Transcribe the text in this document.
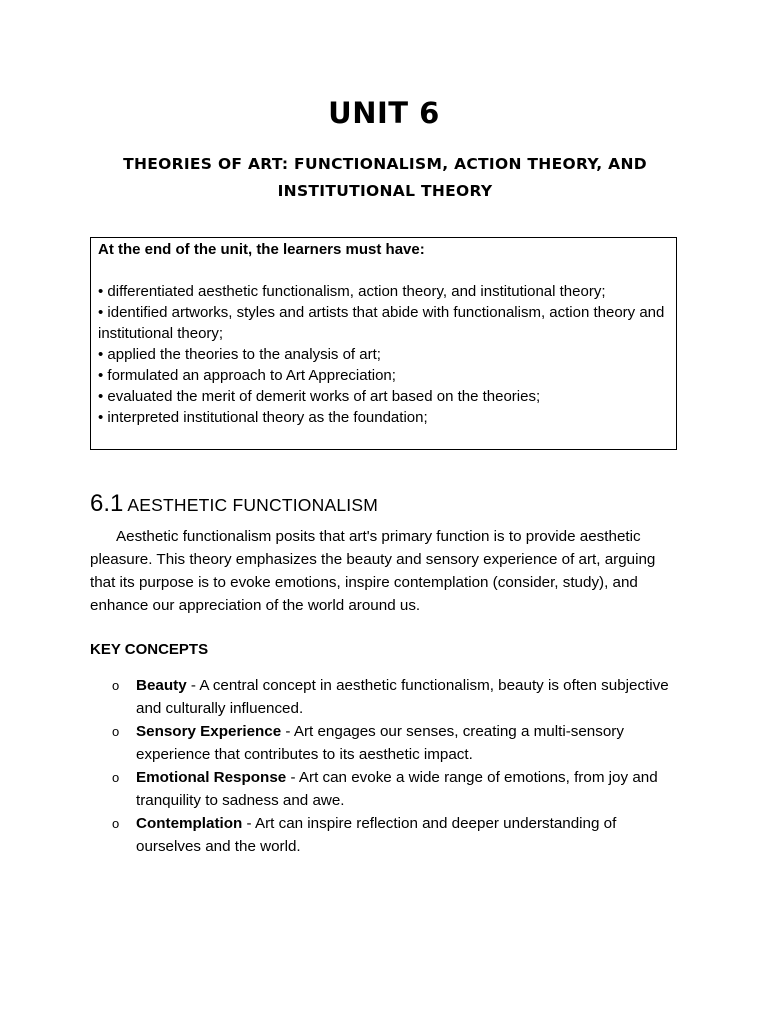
UNIT 6
THEORIES OF ART: FUNCTIONALISM, ACTION THEORY, AND INSTITUTIONAL THEORY
At the end of the unit, the learners must have:
• differentiated aesthetic functionalism, action theory, and institutional theory;
• identified artworks, styles and artists that abide with functionalism, action theory and institutional theory;
• applied the theories to the analysis of art;
• formulated an approach to Art Appreciation;
• evaluated the merit of demerit works of art based on the theories;
• interpreted institutional theory as the foundation;
6.1 AESTHETIC FUNCTIONALISM

Aesthetic functionalism posits that art's primary function is to provide aesthetic pleasure. This theory emphasizes the beauty and sensory experience of art, arguing that its purpose is to evoke emotions, inspire contemplation (consider, study), and enhance our appreciation of the world around us.

KEY CONCEPTS
o Beauty - A central concept in aesthetic functionalism, beauty is often subjective and culturally influenced.
o Sensory Experience - Art engages our senses, creating a multi-sensory experience that contributes to its aesthetic impact.
o Emotional Response - Art can evoke a wide range of emotions, from joy and tranquility to sadness and awe.
o Contemplation - Art can inspire reflection and deeper understanding of ourselves and the world.
